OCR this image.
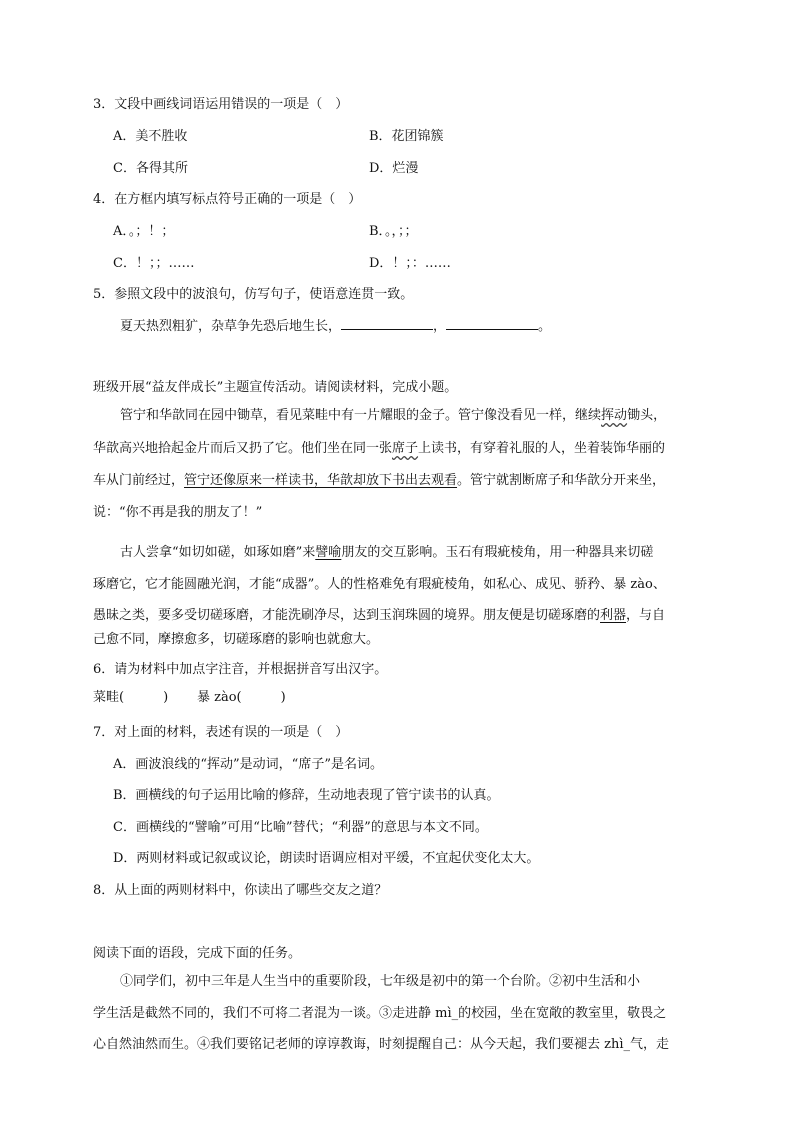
3．文段中画线词语运用错误的一项是（　）
A．美不胜收	B．花团锦簇
C．各得其所	D．烂漫
4．在方框内填写标点符号正确的一项是（　）
A．。；！；	B．。，；；
C．！；；……	D．！；：……
5．参照文段中的波浪句，仿写句子，使语意连贯一致。
夏天热烈粗犷，杂草争先恐后地生长，	，	。
班级开展“益友伴成长”主题宣传活动。请阅读材料，完成小题。
管宁和华歆同在园中锄草，看见菜畦中有一片耀眼的金子。管宁像没看见一样，继续挥动锄头，
华歆高兴地拾起金片而后又扔了它。他们坐在同一张席子上读书，有穿着礼服的人，坐着装饰华丽的
车从门前经过，管宁还像原来一样读书，华歆却放下书出去观看。管宁就割断席子和华歆分开来坐，
说：“你不再是我的朋友了！”
古人尝拿“如切如磋，如琢如磨”来譬喻朋友的交互影响。玉石有瑕疵棱角，用一种器具来切磋
琢磨它，它才能圆融光润，才能“成器”。人的性格难免有瑕疵棱角，如私心、成见、骄矜、暴 zào、
愚昧之类，要多受切磋琢磨，才能洗刷净尽，达到玉润珠圆的境界。朋友便是切磋琢磨的利器，与自
己愈不同，摩擦愈多，切磋琢磨的影响也就愈大。
6．请为材料中加点字注音，并根据拼音写出汉字。
菜畦(　　　) 暴 zào(　　　)
7．对上面的材料，表述有误的一项是（　）
A．画波浪线的“挥动”是动词，“席子”是名词。
B．画横线的句子运用比喻的修辞，生动地表现了管宁读书的认真。
C．画横线的“譬喻”可用“比喻”替代；“利器”的意思与本文不同。
D．两则材料或记叙或议论，朗读时语调应相对平缓，不宜起伏变化太大。
8．从上面的两则材料中，你读出了哪些交友之道？
阅读下面的语段，完成下面的任务。
①同学们，初中三年是人生当中的重要阶段，七年级是初中的第一个台阶。②初中生活和小
学生活是截然不同的，我们不可将二者混为一谈。③走进静 mì_的校园，坐在宽敞的教室里，敬畏之
心自然油然而生。④我们要铭记老师的谆谆教诲，时刻提醒自己：从今天起，我们要褪去 zhì_气，走
